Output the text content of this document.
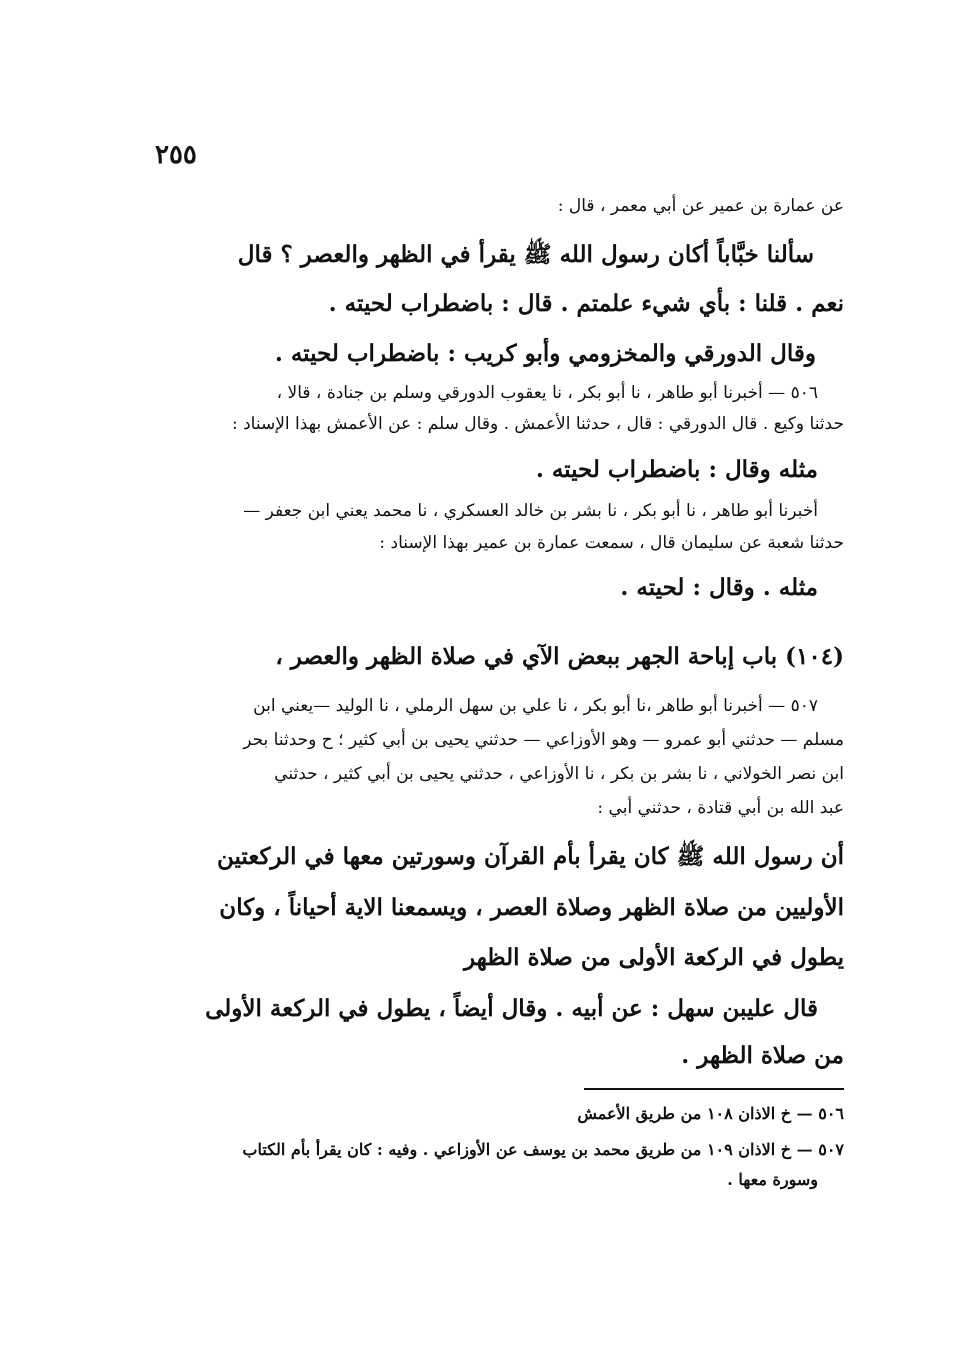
٢٥٥
عن عمارة بن عمير عن أبي معمر ، قال :
سألنا خبَّاباً أكان رسول الله ﷺ يقرأ في الظهر والعصر ؟ قال
نعم . قلنا : بأي شيء علمتم . قال : باضطراب لحيته .
وقال الدورقي والمخزومي وأبو كريب : باضطراب لحيته .
٥٠٦ — أخبرنا أبو طاهر ، نا أبو بكر ، نا يعقوب الدورقي وسلم بن جنادة ، قالا ،
حدثنا وكيع . قال الدورقي : قال ، حدثنا الأعمش . وقال سلم : عن الأعمش بهذا الإسناد :
مثله وقال : باضطراب لحيته .
أخبرنا أبو طاهر ، نا أبو بكر ، نا بشر بن خالد العسكري ، نا محمد يعني ابن جعفر —
حدثنا شعبة عن سليمان قال ، سمعت عمارة بن عمير بهذا الإسناد :
مثله . وقال : لحيته .
(١٠٤) باب إباحة الجهر ببعض الآي في صلاة الظهر والعصر ،
٥٠٧ — أخبرنا أبو طاهر ،نا أبو بكر ، نا علي بن سهل الرملي ، نا الوليد —يعني ابن
مسلم — حدثني أبو عمرو — وهو الأوزاعي — حدثني يحيى بن أبي كثير ؛ ح وحدثنا بحر
ابن نصر الخولاني ، نا بشر بن بكر ، نا الأوزاعي ، حدثني يحيى بن أبي كثير ، حدثني
عبد الله بن أبي قتادة ، حدثني أبي :
أن رسول الله ﷺ كان يقرأ بأم القرآن وسورتين معها في الركعتين
الأوليين من صلاة الظهر وصلاة العصر ، ويسمعنا الاية أحياناً ، وكان
يطول في الركعة الأولى من صلاة الظهر
قال عليبن سهل : عن أبيه . وقال أيضاً ، يطول في الركعة الأولى
من صلاة الظهر .
٥٠٦ — خ الاذان ١٠٨ من طريق الأعمش
٥٠٧ — خ الاذان ١٠٩ من طريق محمد بن يوسف عن الأوزاعي . وفيه : كان يقرأ بأم الكتاب
وسورة معها .
